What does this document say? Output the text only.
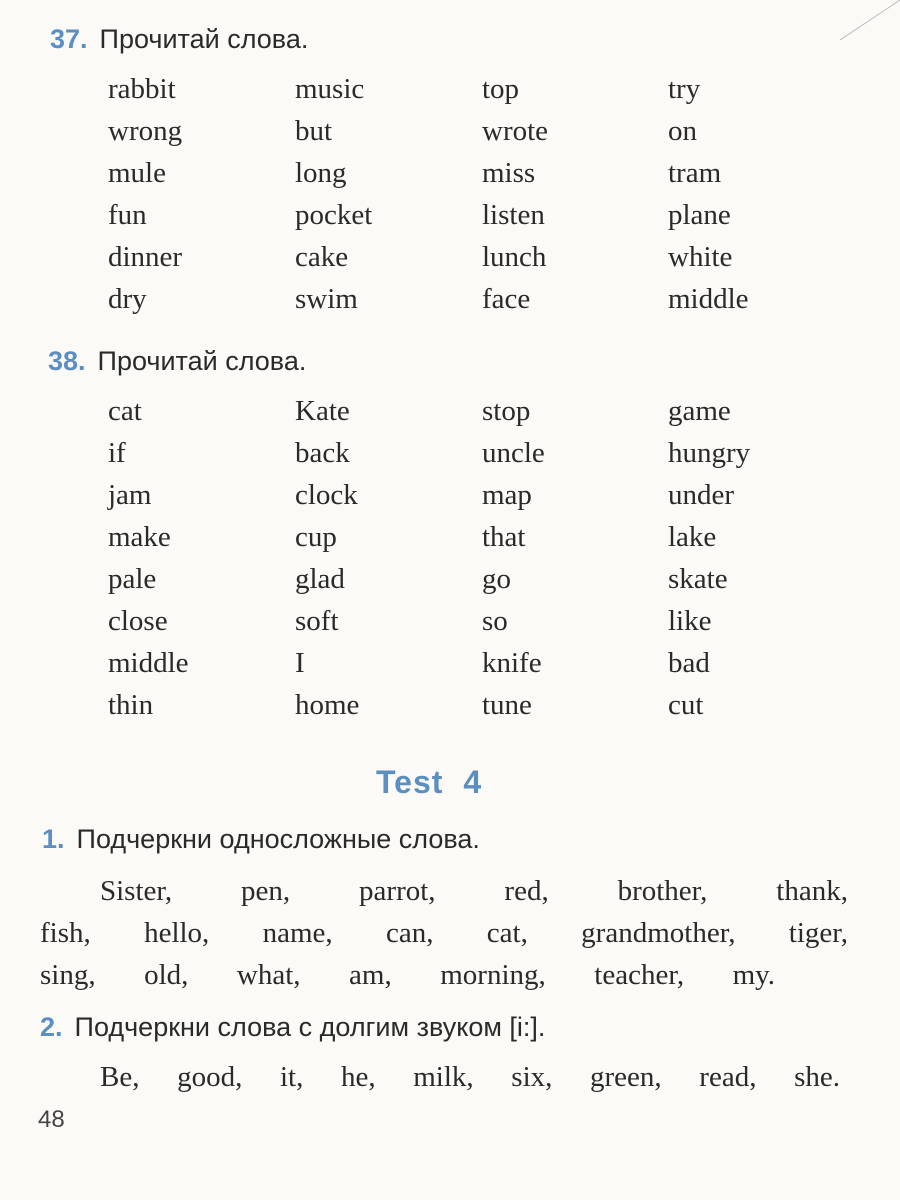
37. Прочитай слова.
rabbit	music	top	try
wrong	but	wrote	on
mule	long	miss	tram
fun	pocket	listen	plane
dinner	cake	lunch	white
dry	swim	face	middle
38. Прочитай слова.
cat	Kate	stop	game
if	back	uncle	hungry
jam	clock	map	under
make	cup	that	lake
pale	glad	go	skate
close	soft	so	like
middle	I	knife	bad
thin	home	tune	cut
Test 4
1. Подчеркни односложные слова.
Sister, pen, parrot, red, brother, thank,
fish, hello, name, can, cat, grandmother, tiger,
sing, old, what, am, morning, teacher, my.
2. Подчеркни слова с долгим звуком [i:].
Be, good, it, he, milk, six, green, read, she.
48
